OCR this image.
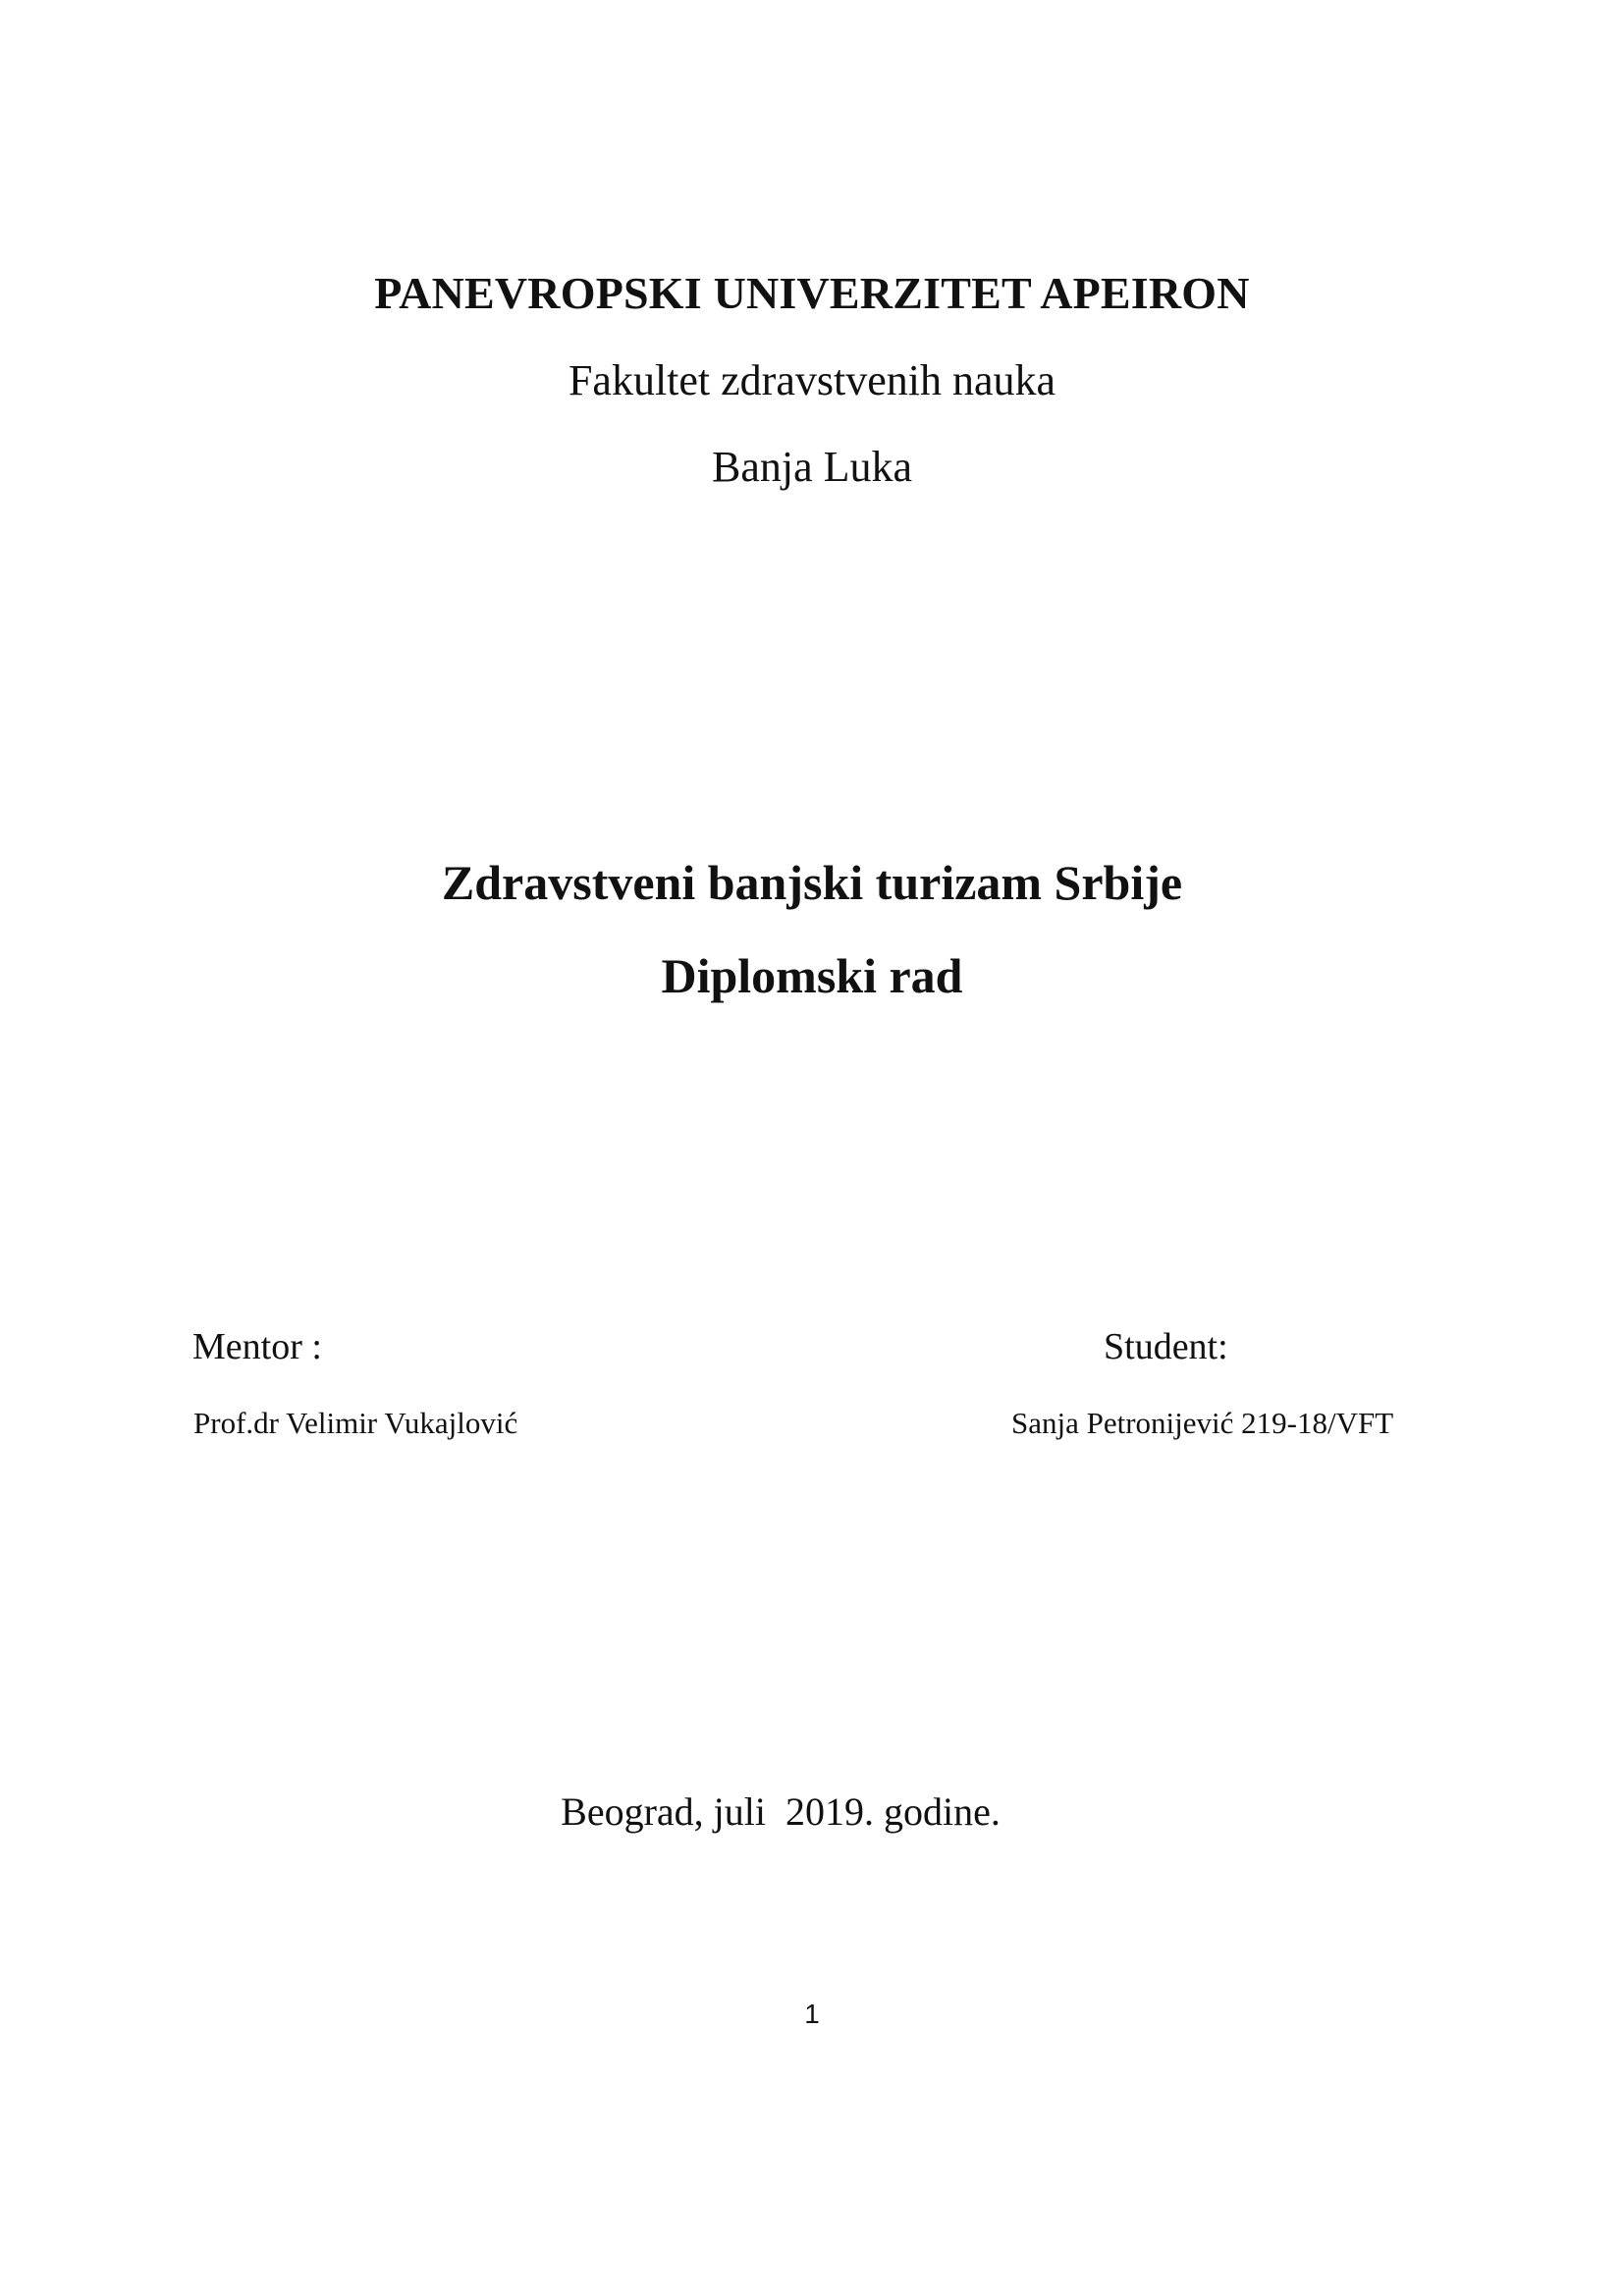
PANEVROPSKI UNIVERZITET APEIRON
Fakultet zdravstvenih nauka
Banja Luka
Zdravstveni banjski turizam Srbije
Diplomski rad
Mentor :	Student:
Prof.dr Velimir Vukajlović	Sanja Petronijević 219-18/VFT
Beograd, juli  2019. godine.
1
